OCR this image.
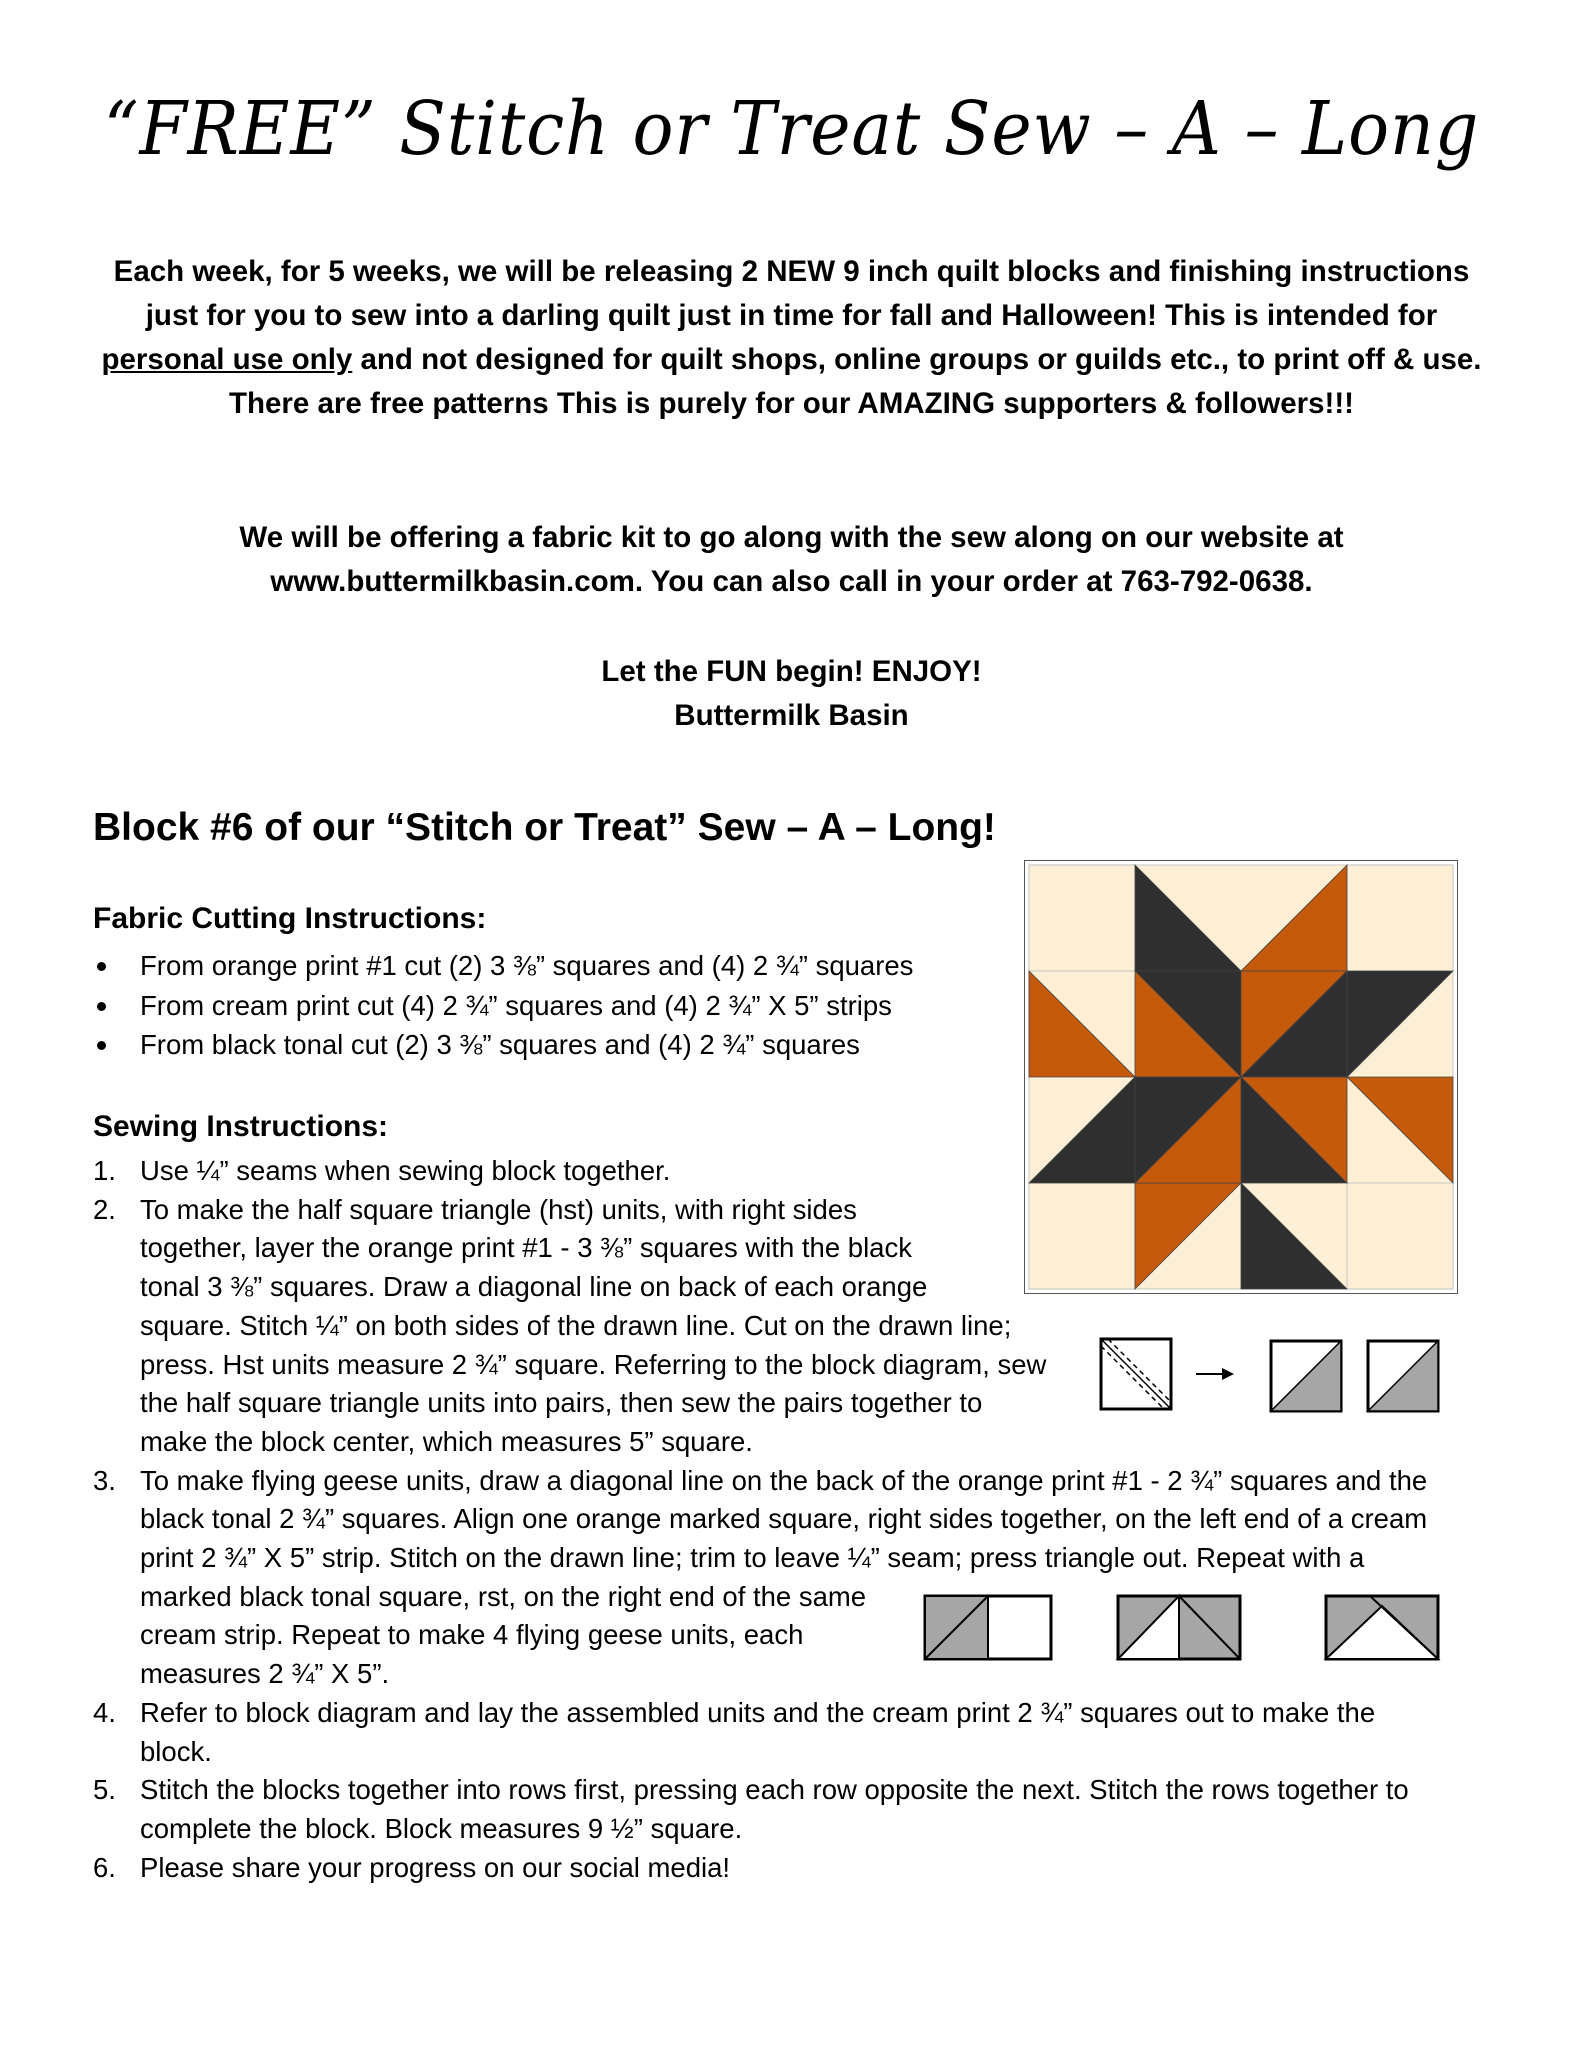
“FREE” Stitch or Treat Sew – A – Long

Each week, for 5 weeks, we will be releasing 2 NEW 9 inch quilt blocks and finishing instructions just for you to sew into a darling quilt just in time for fall and Halloween! This is intended for personal use only and not designed for quilt shops, online groups or guilds etc., to print off & use. There are free patterns This is purely for our AMAZING supporters & followers!!!

We will be offering a fabric kit to go along with the sew along on our website at www.buttermilkbasin.com. You can also call in your order at 763-792-0638.

Let the FUN begin! ENJOY!
Buttermilk Basin
Block #6 of our “Stitch or Treat” Sew – A – Long!
Fabric Cutting Instructions:
From orange print #1 cut (2) 3 ⅜” squares and (4) 2 ¾” squares
From cream print cut (4) 2 ¾” squares and (4) 2 ¾” X 5” strips
From black tonal cut (2) 3 ⅜” squares and (4) 2 ¾” squares
Sewing Instructions:
1. Use ¼” seams when sewing block together.
2. To make the half square triangle (hst) units, with right sides
together, layer the orange print #1 - 3 ⅜” squares with the black
tonal 3 ⅜” squares. Draw a diagonal line on back of each orange
square. Stitch ¼” on both sides of the drawn line. Cut on the drawn line;
press. Hst units measure 2 ¾” square. Referring to the block diagram, sew
the half square triangle units into pairs, then sew the pairs together to
make the block center, which measures 5” square.
3. To make flying geese units, draw a diagonal line on the back of the orange print #1 - 2 ¾” squares and the
black tonal 2 ¾” squares. Align one orange marked square, right sides together, on the left end of a cream
print 2 ¾” X 5” strip. Stitch on the drawn line; trim to leave ¼” seam; press triangle out. Repeat with a
marked black tonal square, rst, on the right end of the same
cream strip. Repeat to make 4 flying geese units, each
measures 2 ¾” X 5”.
4. Refer to block diagram and lay the assembled units and the cream print 2 ¾” squares out to make the
block.
5. Stitch the blocks together into rows first, pressing each row opposite the next. Stitch the rows together to
complete the block. Block measures 9 ½” square.
6. Please share your progress on our social media!
